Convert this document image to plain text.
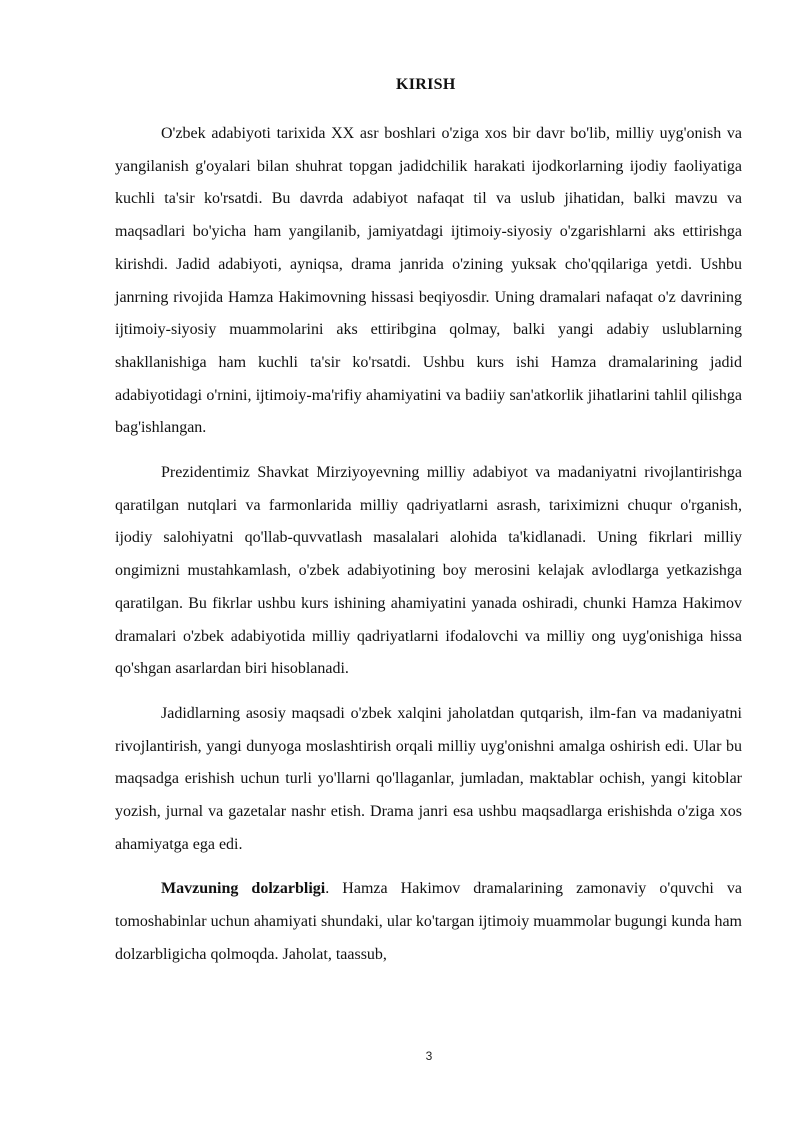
KIRISH

O'zbek adabiyoti tarixida XX asr boshlari o'ziga xos bir davr bo'lib, milliy uyg'onish va yangilanish g'oyalari bilan shuhrat topgan jadidchilik harakati ijodkorlarning ijodiy faoliyatiga kuchli ta'sir ko'rsatdi. Bu davrda adabiyot nafaqat til va uslub jihatidan, balki mavzu va maqsadlari bo'yicha ham yangilanib, jamiyatdagi ijtimoiy-siyosiy o'zgarishlarni aks ettirishga kirishdi. Jadid adabiyoti, ayniqsa, drama janrida o'zining yuksak cho'qqilariga yetdi. Ushbu janrning rivojida Hamza Hakimovning hissasi beqiyosdir. Uning dramalari nafaqat o'z davrining ijtimoiy-siyosiy muammolarini aks ettiribgina qolmay, balki yangi adabiy uslublarning shakllanishiga ham kuchli ta'sir ko'rsatdi. Ushbu kurs ishi Hamza dramalarining jadid adabiyotidagi o'rnini, ijtimoiy-ma'rifiy ahamiyatini va badiiy san'atkorlik jihatlarini tahlil qilishga bag'ishlangan.

Prezidentimiz Shavkat Mirziyoyevning milliy adabiyot va madaniyatni rivojlantirishga qaratilgan nutqlari va farmonlarida milliy qadriyatlarni asrash, tariximizni chuqur o'rganish, ijodiy salohiyatni qo'llab-quvvatlash masalalari alohida ta'kidlanadi. Uning fikrlari milliy ongimizni mustahkamlash, o'zbek adabiyotining boy merosini kelajak avlodlarga yetkazishga qaratilgan. Bu fikrlar ushbu kurs ishining ahamiyatini yanada oshiradi, chunki Hamza Hakimov dramalari o'zbek adabiyotida milliy qadriyatlarni ifodalovchi va milliy ong uyg'onishiga hissa qo'shgan asarlardan biri hisoblanadi.

Jadidlarning asosiy maqsadi o'zbek xalqini jaholatdan qutqarish, ilm-fan va madaniyatni rivojlantirish, yangi dunyoga moslashtirish orqali milliy uyg'onishni amalga oshirish edi. Ular bu maqsadga erishish uchun turli yo'llarni qo'llaganlar, jumladan, maktablar ochish, yangi kitoblar yozish, jurnal va gazetalar nashr etish. Drama janri esa ushbu maqsadlarga erishishda o'ziga xos ahamiyatga ega edi.

Mavzuning dolzarbligi. Hamza Hakimov dramalarining zamonaviy o'quvchi va tomoshabinlar uchun ahamiyati shundaki, ular ko'targan ijtimoiy muammolar bugungi kunda ham dolzarbligicha qolmoqda. Jaholat, taassub,

3
